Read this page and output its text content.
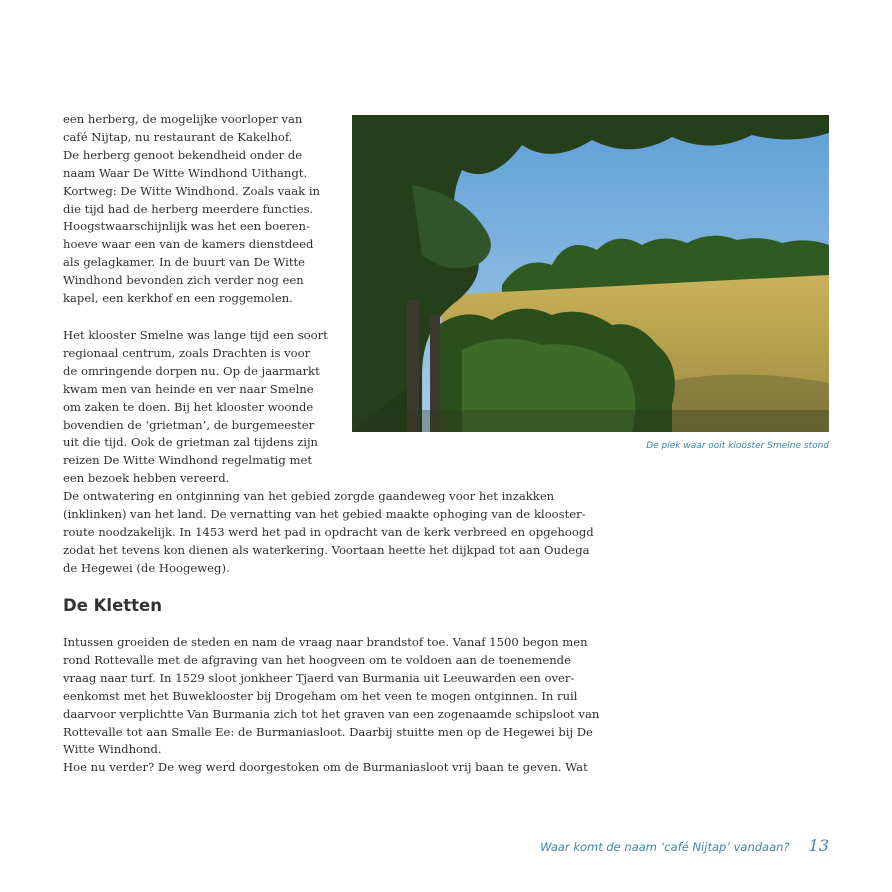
een herberg, de mogelijke voorloper van
café Nijtap, nu restaurant de Kakelhof.
De herberg genoot bekendheid onder de
naam Waar De Witte Windhond Uithangt.
Kortweg: De Witte Windhond. Zoals vaak in
die tijd had de herberg meerdere functies.
Hoogstwaarschijnlijk was het een boeren-
hoeve waar een van de kamers dienstdeed
als gelagkamer. In de buurt van De Witte
Windhond bevonden zich verder nog een
kapel, een kerkhof en een roggemolen.
De plek waar ooit klooster Smelne stond
Het klooster Smelne was lange tijd een soort
regionaal centrum, zoals Drachten is voor
de omringende dorpen nu. Op de jaarmarkt
kwam men van heinde en ver naar Smelne
om zaken te doen. Bij het klooster woonde
bovendien de ‘grietman’, de burgemeester
uit die tijd. Ook de grietman zal tijdens zijn
reizen De Witte Windhond regelmatig met
een bezoek hebben vereerd.
De ontwatering en ontginning van het gebied zorgde gaandeweg voor het inzakken
(inklinken) van het land. De vernatting van het gebied maakte ophoging van de klooster-
route noodzakelijk. In 1453 werd het pad in opdracht van de kerk verbreed en opgehoogd
zodat het tevens kon dienen als waterkering. Voortaan heette het dijkpad tot aan Oudega
de Hegewei (de Hoogeweg).
De Kletten
Intussen groeiden de steden en nam de vraag naar brandstof toe. Vanaf 1500 begon men
rond Rottevalle met de afgraving van het hoogveen om te voldoen aan de toenemende
vraag naar turf. In 1529 sloot jonkheer Tjaerd van Burmania uit Leeuwarden een over-
eenkomst met het Buweklooster bij Drogeham om het veen te mogen ontginnen. In ruil
daarvoor verplichtte Van Burmania zich tot het graven van een zogenaamde schipsloot van
Rottevalle tot aan Smalle Ee: de Burmaniasloot. Daarbij stuitte men op de Hegewei bij De
Witte Windhond.
Hoe nu verder? De weg werd doorgestoken om de Burmaniasloot vrij baan te geven. Wat
Waar komt de naam ‘café Nijtap’ vandaan? 13
